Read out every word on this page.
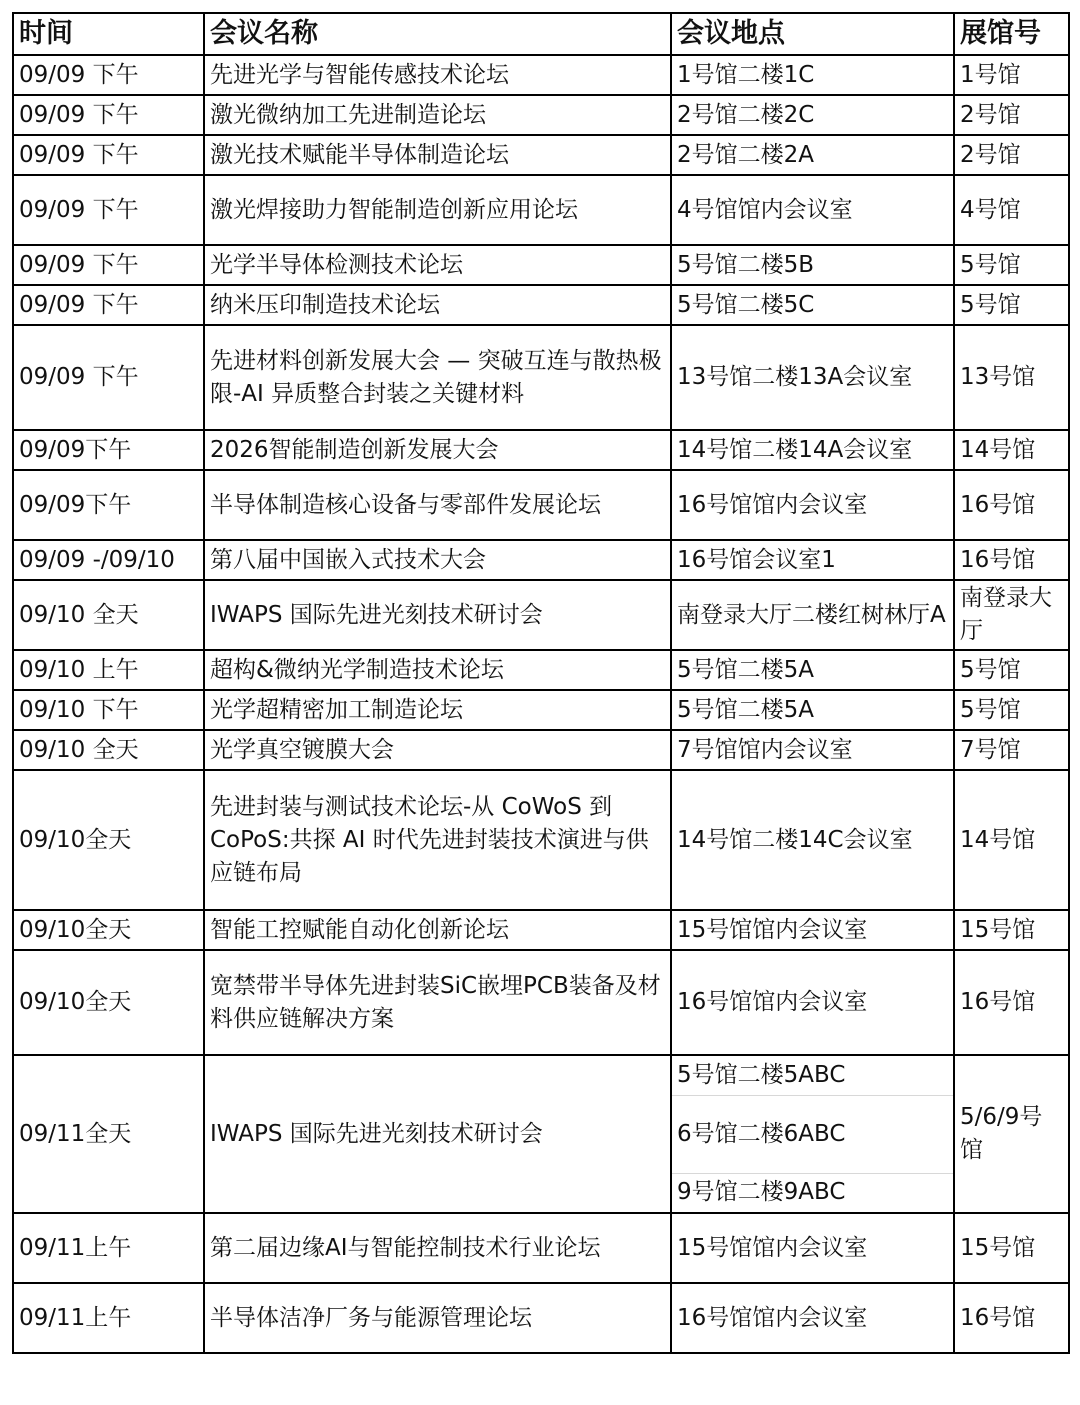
时间	会议名称	会议地点	展馆号
09/09 下午	先进光学与智能传感技术论坛	1号馆二楼1C	1号馆
09/09 下午	激光微纳加工先进制造论坛	2号馆二楼2C	2号馆
09/09 下午	激光技术赋能半导体制造论坛	2号馆二楼2A	2号馆
09/09 下午	激光焊接助力智能制造创新应用论坛	4号馆馆内会议室	4号馆
09/09 下午	光学半导体检测技术论坛	5号馆二楼5B	5号馆
09/09 下午	纳米压印制造技术论坛	5号馆二楼5C	5号馆
09/09 下午	先进材料创新发展大会 — 突破互连与散热极限-AI 异质整合封装之关键材料	13号馆二楼13A会议室	13号馆
09/09下午	2026智能制造创新发展大会	14号馆二楼14A会议室	14号馆
09/09下午	半导体制造核心设备与零部件发展论坛	16号馆馆内会议室	16号馆
09/09 -/09/10	第八届中国嵌入式技术大会	16号馆会议室1	16号馆
09/10 全天	IWAPS 国际先进光刻技术研讨会	南登录大厅二楼红树林厅A	南登录大厅
09/10 上午	超构&微纳光学制造技术论坛	5号馆二楼5A	5号馆
09/10 下午	光学超精密加工制造论坛	5号馆二楼5A	5号馆
09/10 全天	光学真空镀膜大会	7号馆馆内会议室	7号馆
09/10全天	先进封装与测试技术论坛-从 CoWoS 到 CoPoS:共探 AI 时代先进封装技术演进与供应链布局	14号馆二楼14C会议室	14号馆
09/10全天	智能工控赋能自动化创新论坛	15号馆馆内会议室	15号馆
09/10全天	宽禁带半导体先进封装SiC嵌埋PCB装备及材料供应链解决方案	16号馆馆内会议室	16号馆
09/11全天	IWAPS 国际先进光刻技术研讨会	5号馆二楼5ABC	5/6/9号馆
		6号馆二楼6ABC	
		9号馆二楼9ABC	
09/11上午	第二届边缘AI与智能控制技术行业论坛	15号馆馆内会议室	15号馆
09/11上午	半导体洁净厂务与能源管理论坛	16号馆馆内会议室	16号馆
